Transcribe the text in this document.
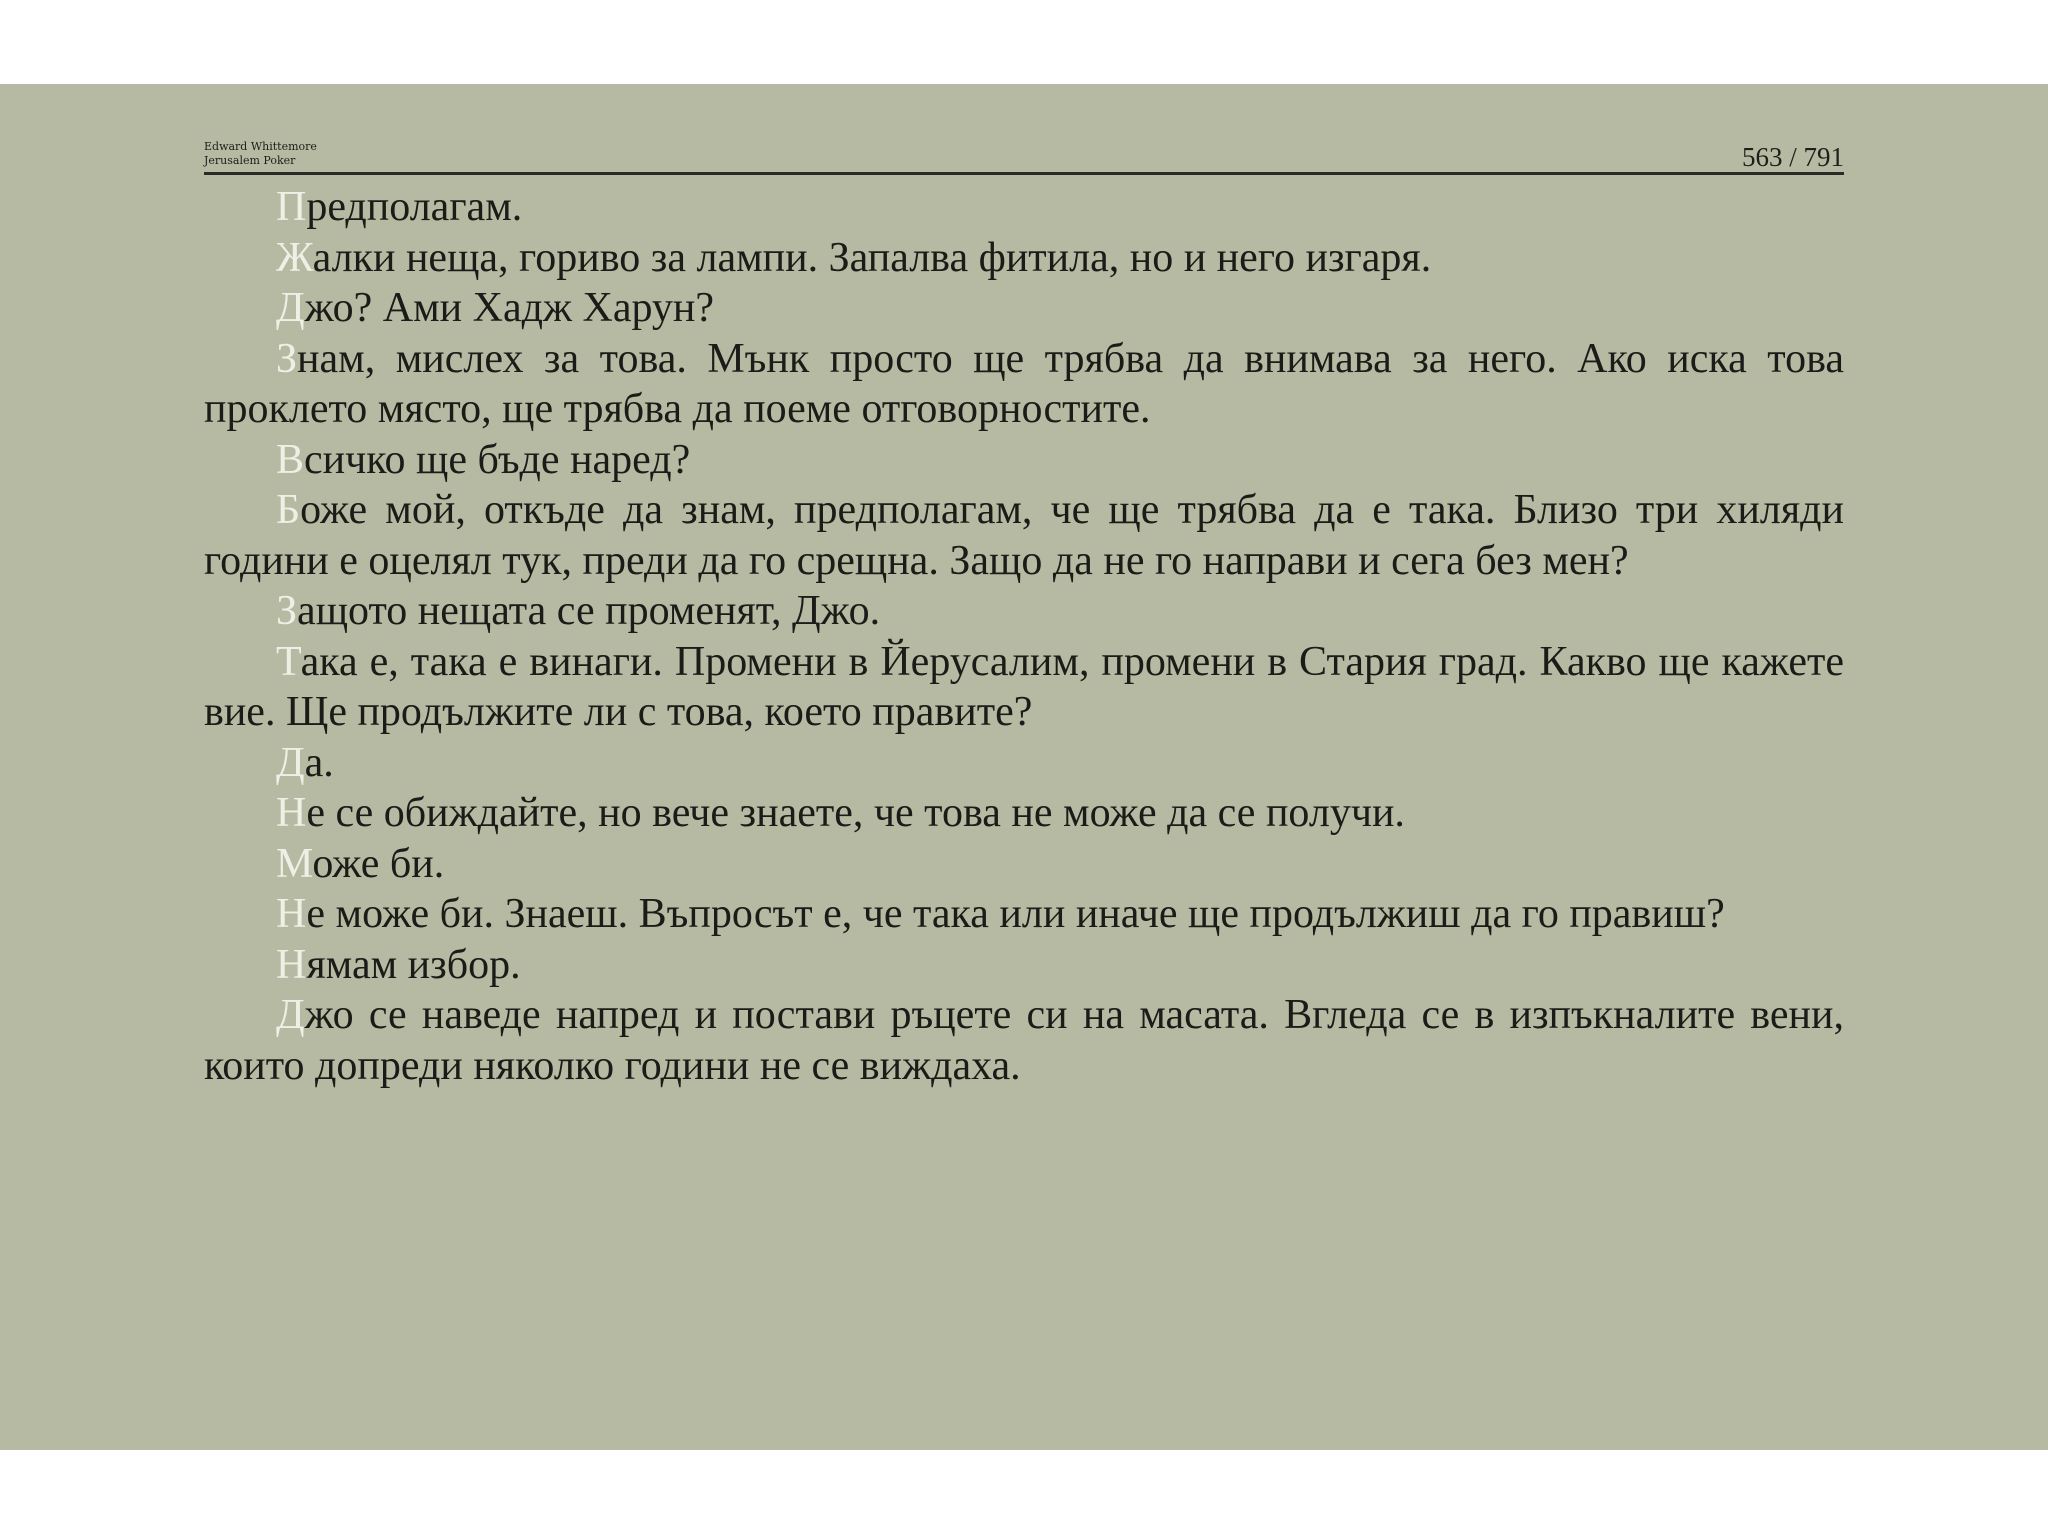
Edward Whittemore
Jerusalem Poker	563 / 791

Предполагам.

Жалки неща, гориво за лампи. Запалва фитила, но и него изгаря.

Джо? Ами Хадж Харун?

Знам, мислех за това. Мънк просто ще трябва да внимава за него. Ако иска това проклето място, ще трябва да поеме отговорностите.

Всичко ще бъде наред?

Боже мой, откъде да знам, предполагам, че ще трябва да е така. Близо три хиляди години е оцелял тук, преди да го срещна. Защо да не го направи и сега без мен?

Защото нещата се променят, Джо.

Така е, така е винаги. Промени в Йерусалим, промени в Стария град. Какво ще кажете вие. Ще продължите ли с това, което правите?

Да.

Не се обиждайте, но вече знаете, че това не може да се получи.

Може би.

Не може би. Знаеш. Въпросът е, че така или иначе ще продължиш да го правиш?

Нямам избор.

Джо се наведе напред и постави ръцете си на масата. Вгледа се в изпъкналите вени, които допреди няколко години не се виждаха.
